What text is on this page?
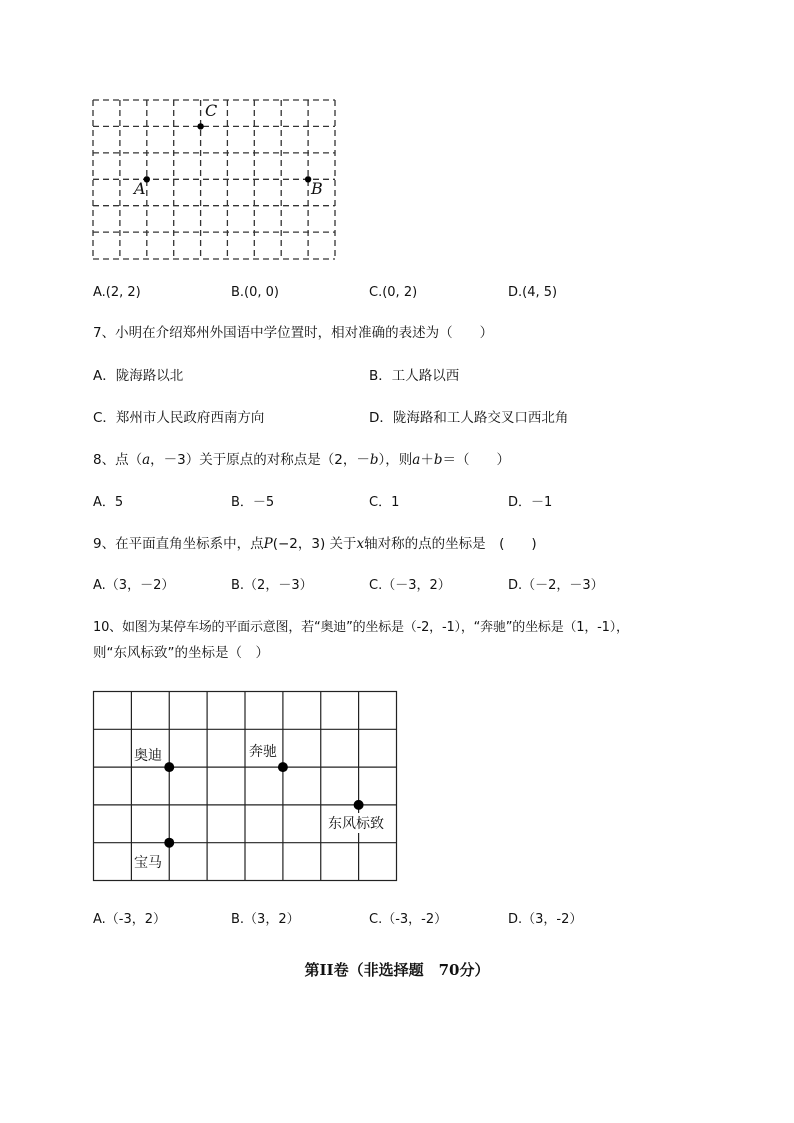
C
A	B
A.(2, 2)	B.(0, 0)	C.(0, 2)	D.(4, 5)
7、小明在介绍郑州外国语中学位置时，相对准确的表述为（　　）
A．陇海路以北	B．工人路以西
C．郑州市人民政府西南方向	D．陇海路和工人路交叉口西北角
8、点（a，－3）关于原点的对称点是（2，－b），则a＋b＝（　　）
A．5	B．－5	C．1	D．－1
9、在平面直角坐标系中，点P(−2，3) 关于x轴对称的点的坐标是　(　　)
A.（3，－2）	B.（2，－3）	C.（－3，2）	D.（－2，－3）
10、如图为某停车场的平面示意图，若“奥迪”的坐标是（-2，-1），“奔驰”的坐标是（1，-1），
则“东风标致”的坐标是（　）
奥迪	奔驰
东风标致
宝马
A.（-3，2）	B.（3，2）	C.（-3，-2）	D.（3，-2）
第II卷（非选择题　70分）
